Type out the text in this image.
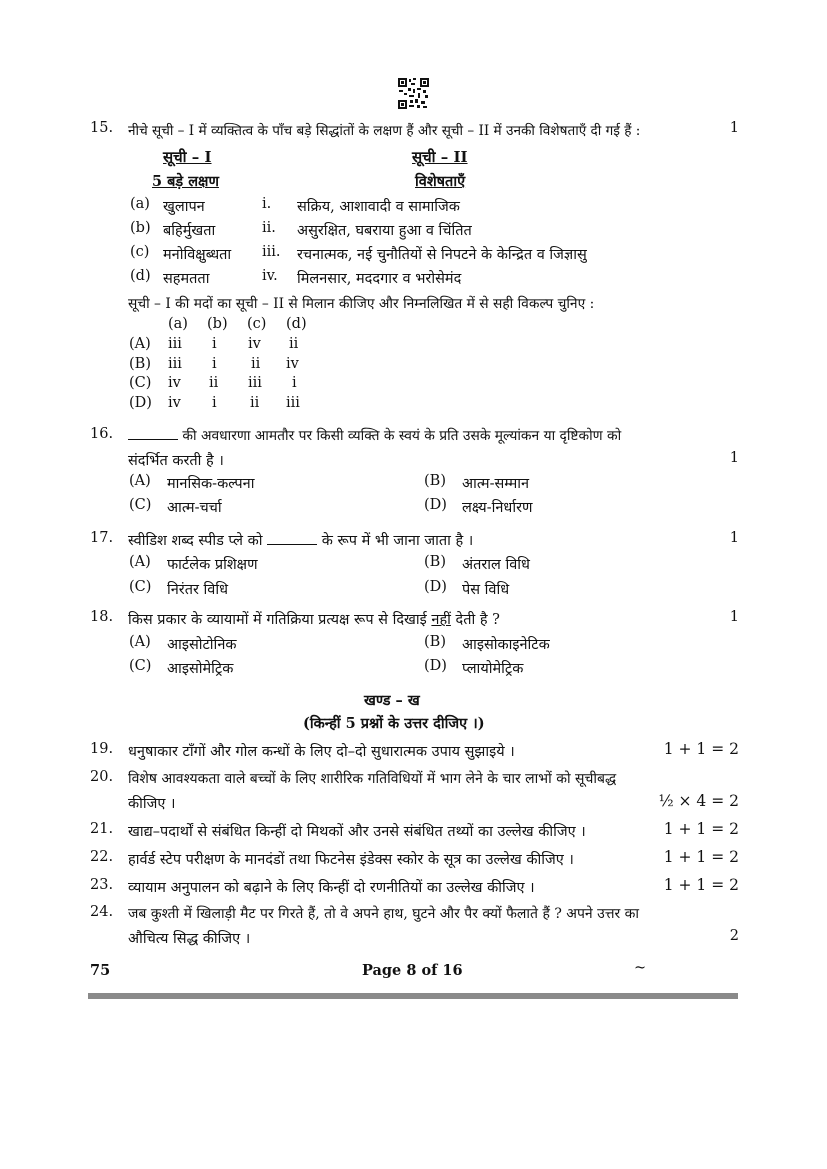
15. नीचे सूची – I में व्यक्तित्व के पाँच बड़े सिद्धांतों के लक्षण हैं और सूची – II में उनकी विशेषताएँ दी गई हैं :	1
सूची – I	सूची – II
5 बड़े लक्षण	विशेषताएँ
(a) खुलापन	i. सक्रिय, आशावादी व सामाजिक
(b) बहिर्मुखता	ii. असुरक्षित, घबराया हुआ व चिंतित
(c) मनोविक्षुब्धता iii. रचनात्मक, नई चुनौतियों से निपटने के केन्द्रित व जिज्ञासु
(d) सहमतता	iv. मिलनसार, मददगार व भरोसेमंद
सूची – I की मदों का सूची – II से मिलान कीजिए और निम्नलिखित में से सही विकल्प चुनिए :
(a) (b) (c) (d)
(A) iii i iv ii
(B) iii i ii iv
(C) iv ii iii i
(D) iv i ii iii
16.	की अवधारणा आमतौर पर किसी व्यक्ति के स्वयं के प्रति उसके मूल्यांकन या दृष्टिकोण को
संदर्भित करती है ।	1
(A) मानसिक-कल्पना	(B) आत्म-सम्मान
(C) आत्म-चर्चा	(D) लक्ष्य-निर्धारण
17. स्वीडिश शब्द स्पीड प्ले को	के रूप में भी जाना जाता है ।	1
(A) फार्टलेक प्रशिक्षण	(B) अंतराल विधि
(C) निरंतर विधि	(D) पेस विधि
18. किस प्रकार के व्यायामों में गतिक्रिया प्रत्यक्ष रूप से दिखाई नहीं देती है ?	1
(A) आइसोटोनिक	(B) आइसोकाइनेटिक
(C) आइसोमेट्रिक	(D) प्लायोमेट्रिक
खण्ड – ख
(किन्हीं 5 प्रश्नों के उत्तर दीजिए ।)
19. धनुषाकार टाँगों और गोल कन्धों के लिए दो–दो सुधारात्मक उपाय सुझाइये ।	1 + 1 = 2
20. विशेष आवश्यकता वाले बच्चों के लिए शारीरिक गतिविधियों में भाग लेने के चार लाभों को सूचीबद्ध
कीजिए ।	½ × 4 = 2
21. खाद्य–पदार्थों से संबंधित किन्हीं दो मिथकों और उनसे संबंधित तथ्यों का उल्लेख कीजिए ।	1 + 1 = 2
22. हार्वर्ड स्टेप परीक्षण के मानदंडों तथा फिटनेस इंडेक्स स्कोर के सूत्र का उल्लेख कीजिए ।	1 + 1 = 2
23. व्यायाम अनुपालन को बढ़ाने के लिए किन्हीं दो रणनीतियों का उल्लेख कीजिए ।	1 + 1 = 2
24. जब कुश्ती में खिलाड़ी मैट पर गिरते हैं, तो वे अपने हाथ, घुटने और पैर क्यों फैलाते हैं ? अपने उत्तर का
औचित्य सिद्ध कीजिए ।	2
75	Page 8 of 16	~
